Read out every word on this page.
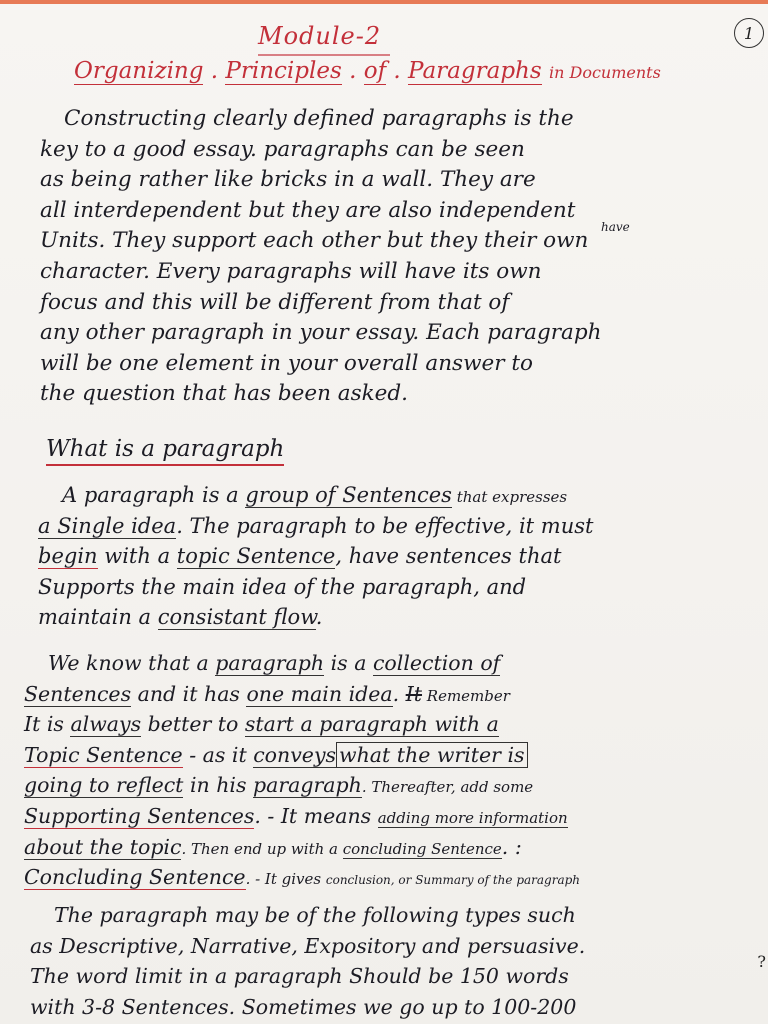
1
Module-2
Organizing . Principles . of . Paragraphs in Documents
Constructing clearly defined paragraphs is the
key to a good essay. paragraphs can be seen
as being rather like bricks in a wall. They are
all interdependent but they are also independent
Units. They support each other but they their own
character. Every paragraphs will have its own
focus and this will be different from that of
any other paragraph in your essay. Each paragraph
will be one element in your overall answer to
the question that has been asked.
have
What is a paragraph
A paragraph is a group of Sentences that expresses
a Single idea. The paragraph to be effective, it must
begin with a topic Sentence, have sentences that
Supports the main idea of the paragraph, and
maintain a consistant flow.
We know that a paragraph is a collection of
Sentences and it has one main idea. It Remember
It is always better to start a paragraph with a
Topic Sentence - as it conveys what the writer is
going to reflect in his paragraph. Thereafter, add some
Supporting Sentences. - It means adding more information
about the topic. Then end up with a concluding Sentence. :
Concluding Sentence. - It gives conclusion, or Summary of the paragraph
The paragraph may be of the following types such
as Descriptive, Narrative, Expository and persuasive.
The word limit in a paragraph Should be 150 words
with 3-8 Sentences. Sometimes we go up to 100-200
?
